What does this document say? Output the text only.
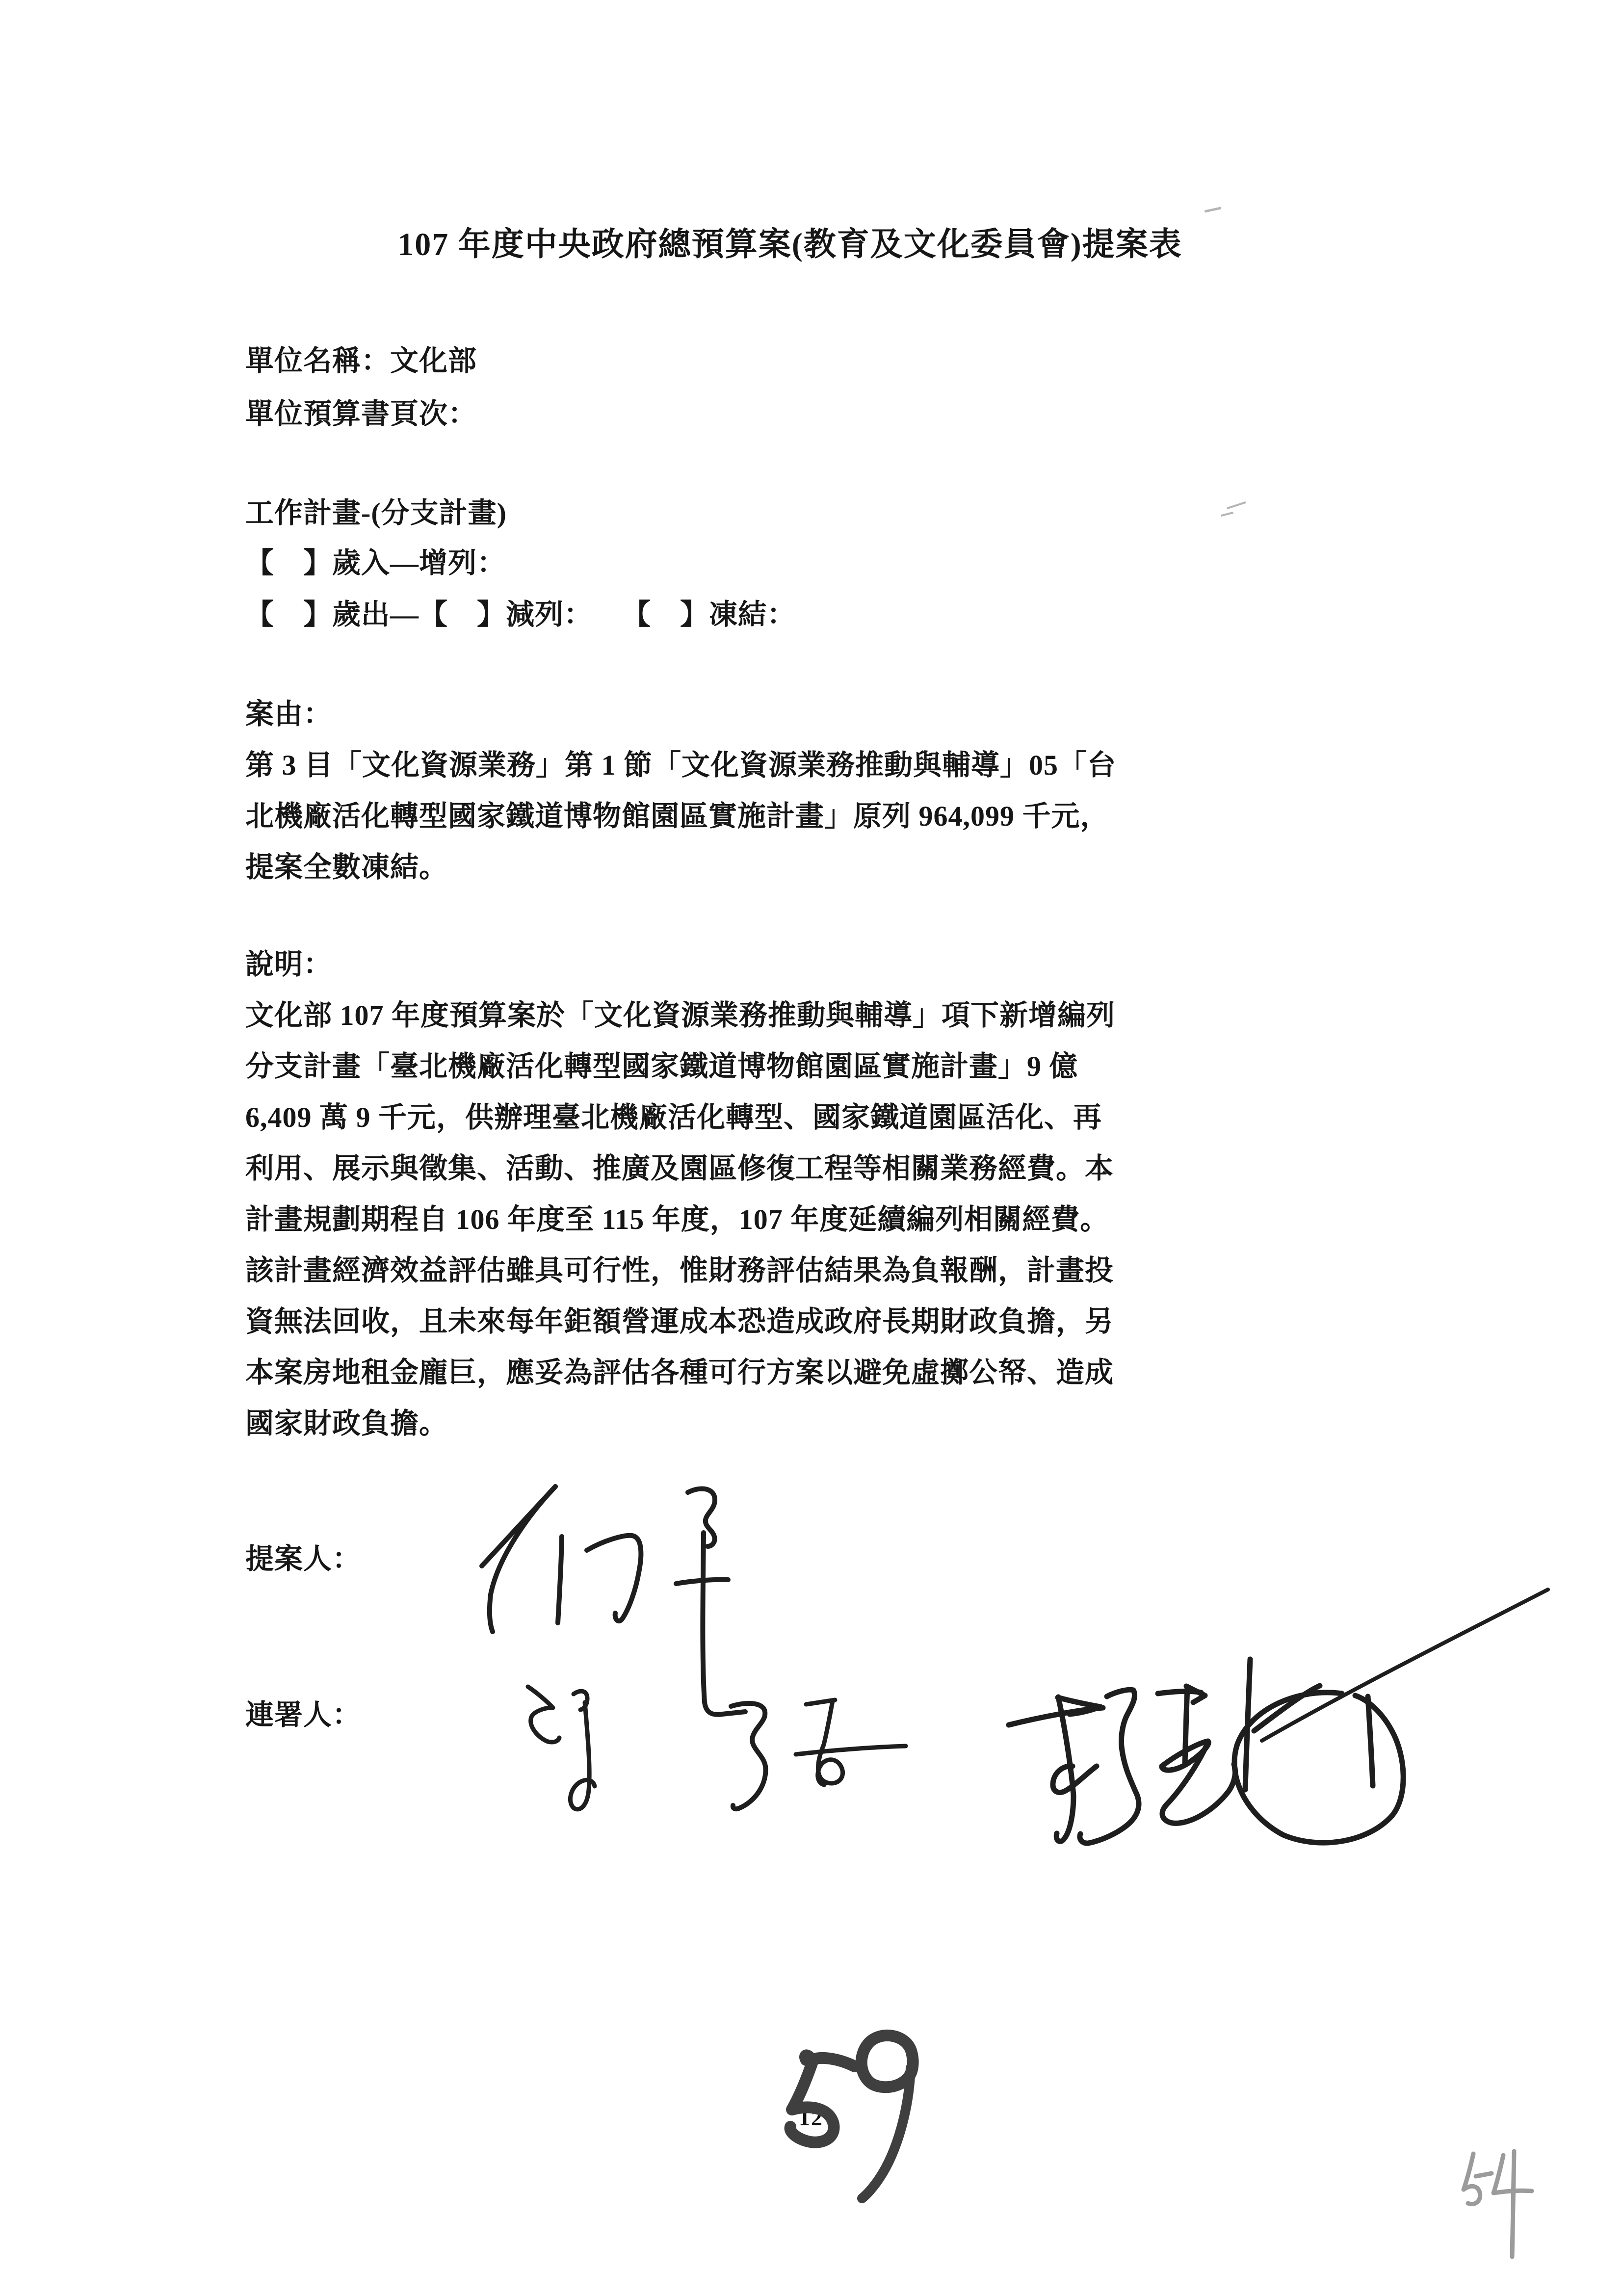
107 年度中央政府總預算案(教育及文化委員會)提案表
單位名稱：文化部
單位預算書頁次：
工作計畫-(分支計畫)
【　】歲入—增列：
【　】歲出—【　】減列：　　【　】凍結：
案由：
第 3 目「文化資源業務」第 1 節「文化資源業務推動與輔導」05「台
北機廠活化轉型國家鐵道博物館園區實施計畫」原列 964,099 千元，
提案全數凍結。
說明：
文化部 107 年度預算案於「文化資源業務推動與輔導」項下新增編列
分支計畫「臺北機廠活化轉型國家鐵道博物館園區實施計畫」9 億
6,409 萬 9 千元，供辦理臺北機廠活化轉型、國家鐵道園區活化、再
利用、展示與徵集、活動、推廣及園區修復工程等相關業務經費。本
計畫規劃期程自 106 年度至 115 年度，107 年度延續編列相關經費。
該計畫經濟效益評估雖具可行性，惟財務評估結果為負報酬，計畫投
資無法回收，且未來每年鉅額營運成本恐造成政府長期財政負擔，另
本案房地租金龐巨，應妥為評估各種可行方案以避免虛擲公帑、造成
國家財政負擔。
提案人：
連署人：
12
